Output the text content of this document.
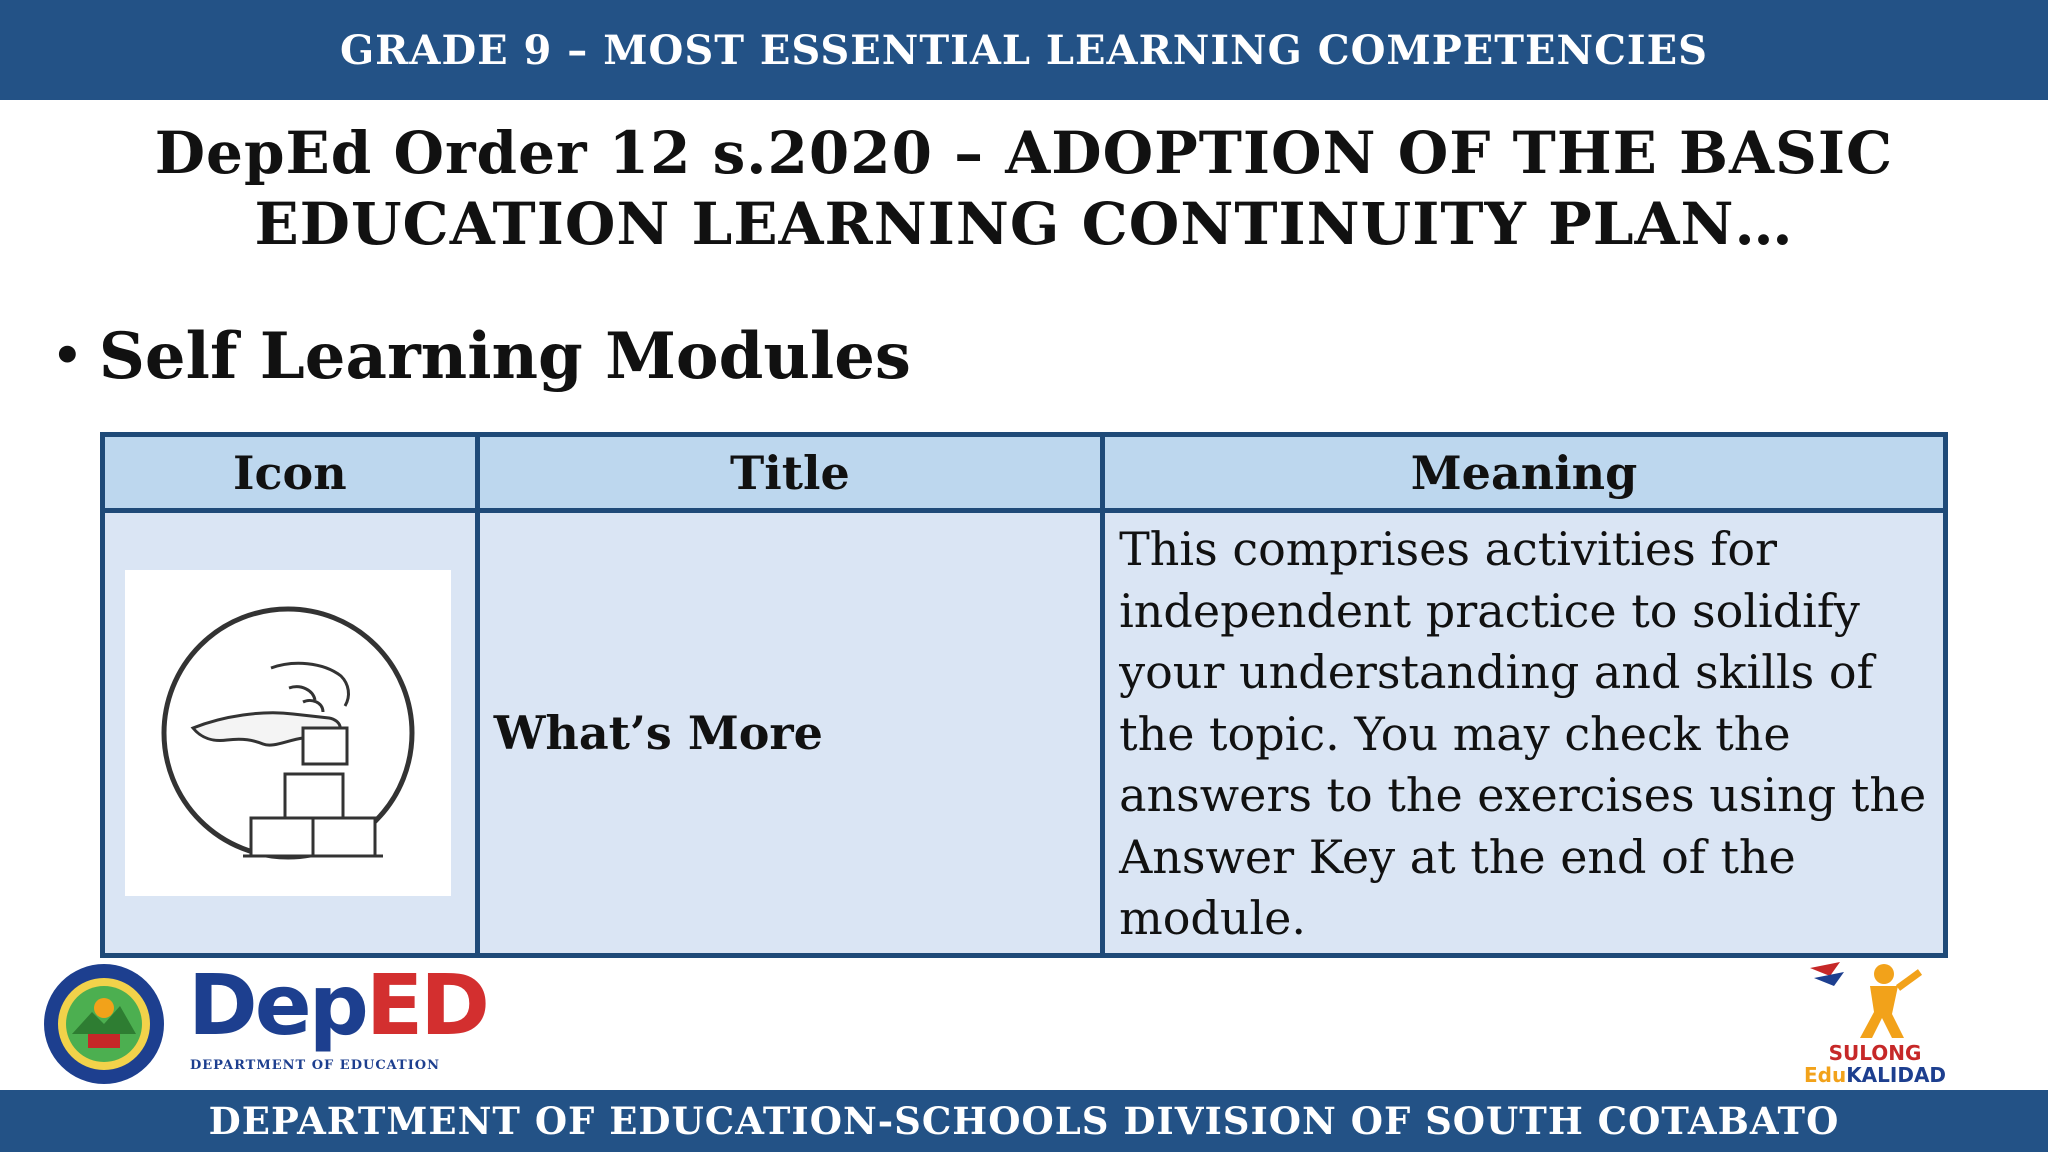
GRADE 9 – MOST ESSENTIAL LEARNING COMPETENCIES
DepEd Order 12 s.2020 – ADOPTION OF THE BASIC
EDUCATION LEARNING CONTINUITY PLAN…
• Self Learning Modules
Icon	Title	Meaning

	What’s More	This comprises activities for independent practice to solidify your understanding and skills of the topic. You may check the answers to the exercises using the Answer Key at the end of the module.
DepED
DEPARTMENT OF EDUCATION
SULONG
EduKALIDAD
DEPARTMENT OF EDUCATION-SCHOOLS DIVISION OF SOUTH COTABATO
